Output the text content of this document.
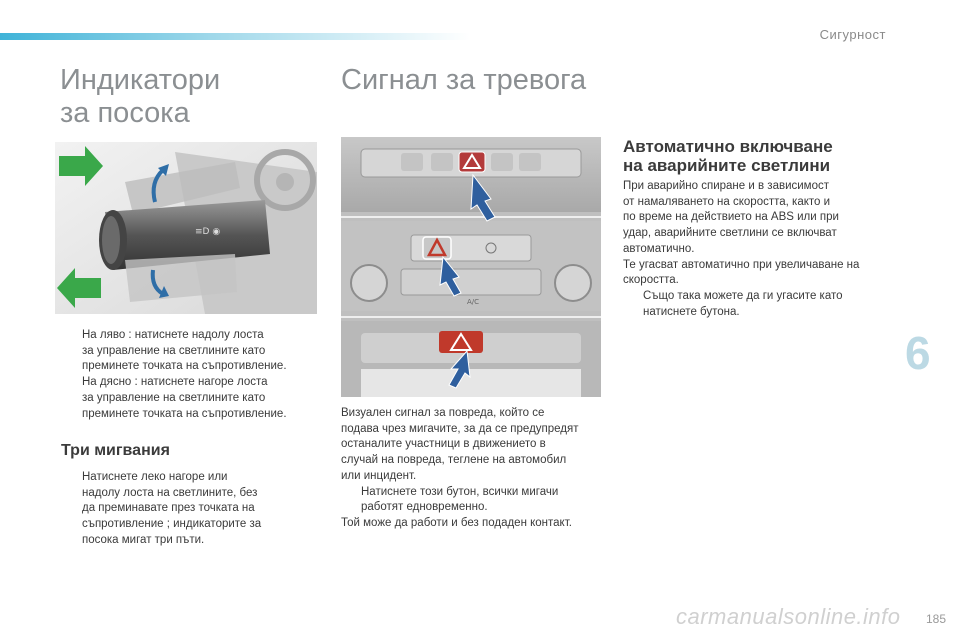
Сигурност
Индикатори
за посока
≡D ◉
На ляво : натиснете надолу лоста
за управление на светлините като
преминете точката на съпротивление.
На дясно : натиснете нагоре лоста
за управление на светлините като
преминете точката на съпротивление.
Три мигвания
Натиснете леко нагоре или
надолу лоста на светлините, без
да преминавате през точката на
съпротивление ; индикаторите за
посока мигат три пъти.
Сигнал за тревога
A/C
Визуален сигнал за повреда, който се
подава чрез мигачите, за да се предупредят
останалите участници в движението в
случай на повреда, теглене на автомобил
или инцидент.
Натиснете този бутон, всички мигачи
работят едновременно.
Той може да работи и без подаден контакт.
Автоматично включване
на аварийните светлини
При аварийно спиране и в зависимост
от намаляването на скоростта, както и
по време на действието на ABS или при
удар, аварийните светлини се включват
автоматично.
Те угасват автоматично при увеличаване на
скоростта.
Също така можете да ги угасите като
натиснете бутона.
6
carmanualsonline.info 185
